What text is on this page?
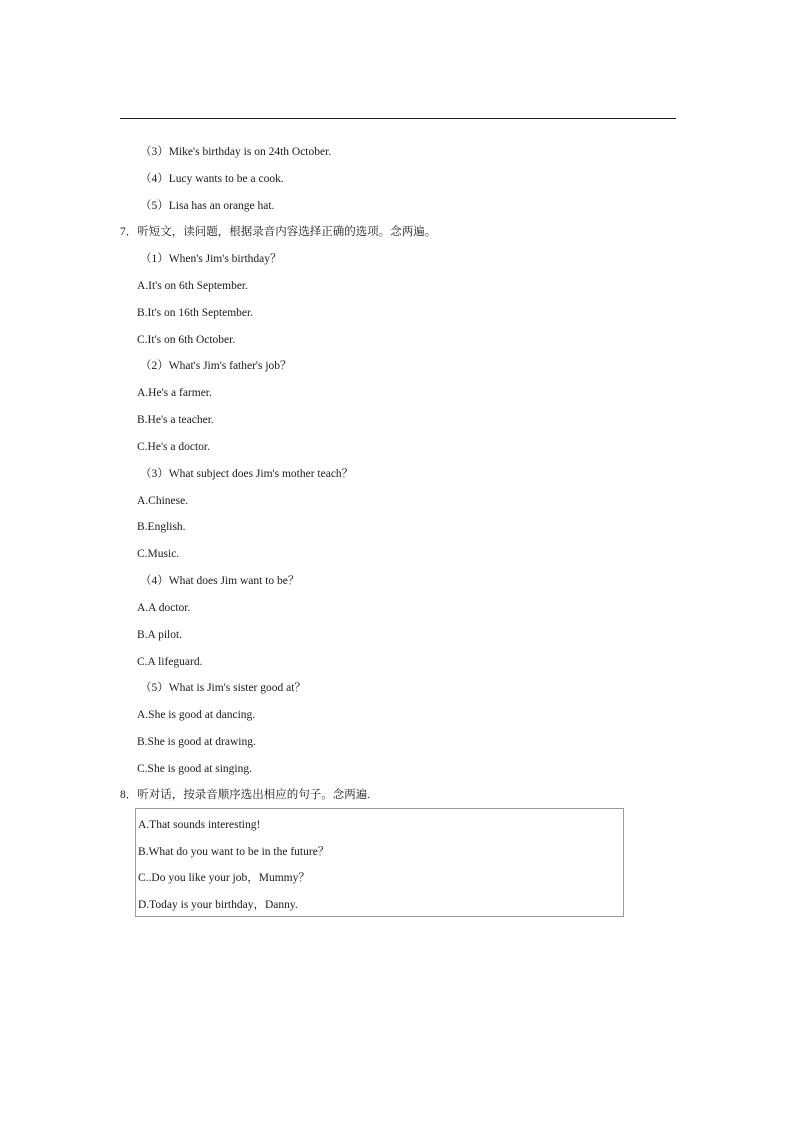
（3）Mike's birthday is on 24th October.
（4）Lucy wants to be a cook.
（5）Lisa has an orange hat.
7．听短文，读问题，根据录音内容选择正确的选项。念两遍。
（1）When's Jim's birthday？
A.It's on 6th September.
B.It's on 16th September.
C.It's on 6th October.
（2）What's Jim's father's job？
A.He's a farmer.
B.He's a teacher.
C.He's a doctor.
（3）What subject does Jim's mother teach？
A.Chinese.
B.English.
C.Music.
（4）What does Jim want to be？
A.A doctor.
B.A pilot.
C.A lifeguard.
（5）What is Jim's sister good at？
A.She is good at dancing.
B.She is good at drawing.
C.She is good at singing.
8．听对话，按录音顺序选出相应的句子。念两遍.
A.That sounds interesting!
B.What do you want to be in the future？
C..Do you like your job，Mummy？
D.Today is your birthday，Danny.
